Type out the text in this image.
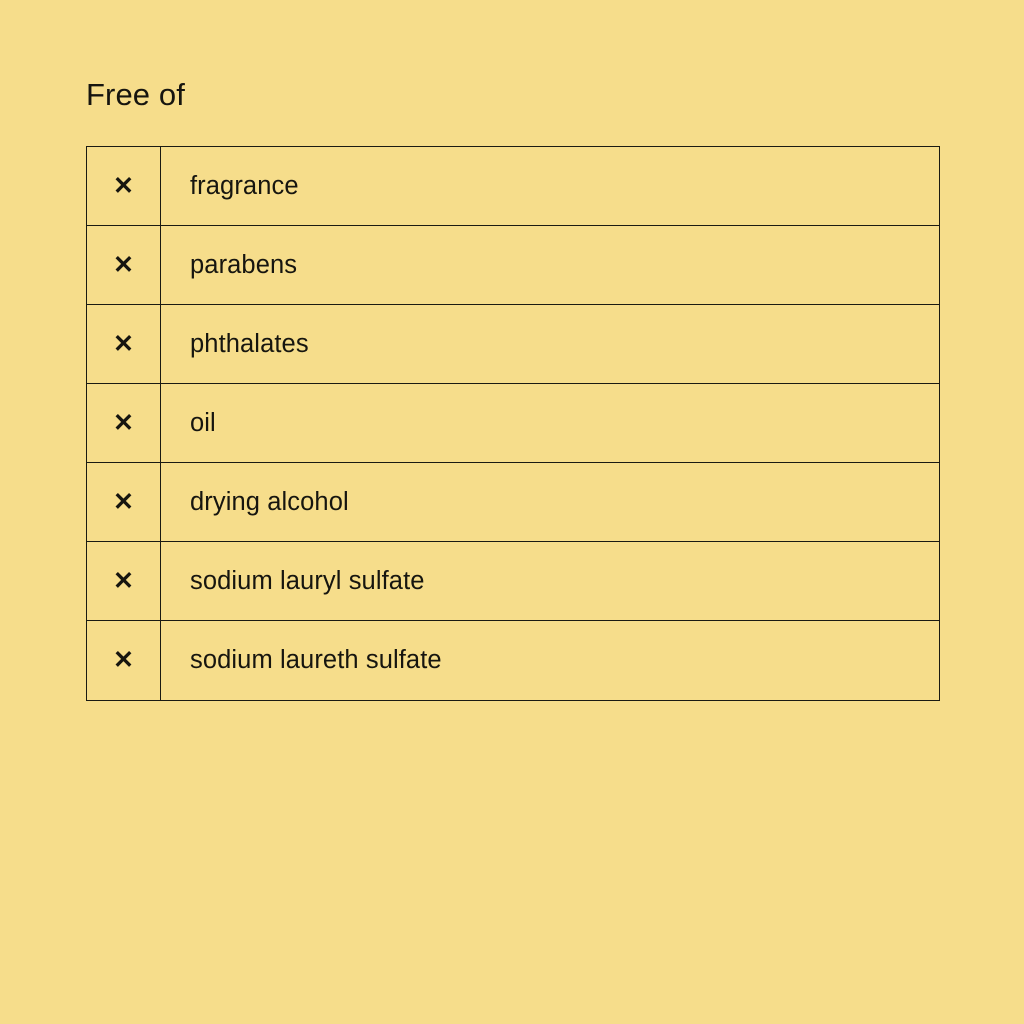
Free of
✕ fragrance
✕ parabens
✕ phthalates
✕ oil
✕ drying alcohol
✕ sodium lauryl sulfate
✕ sodium laureth sulfate
